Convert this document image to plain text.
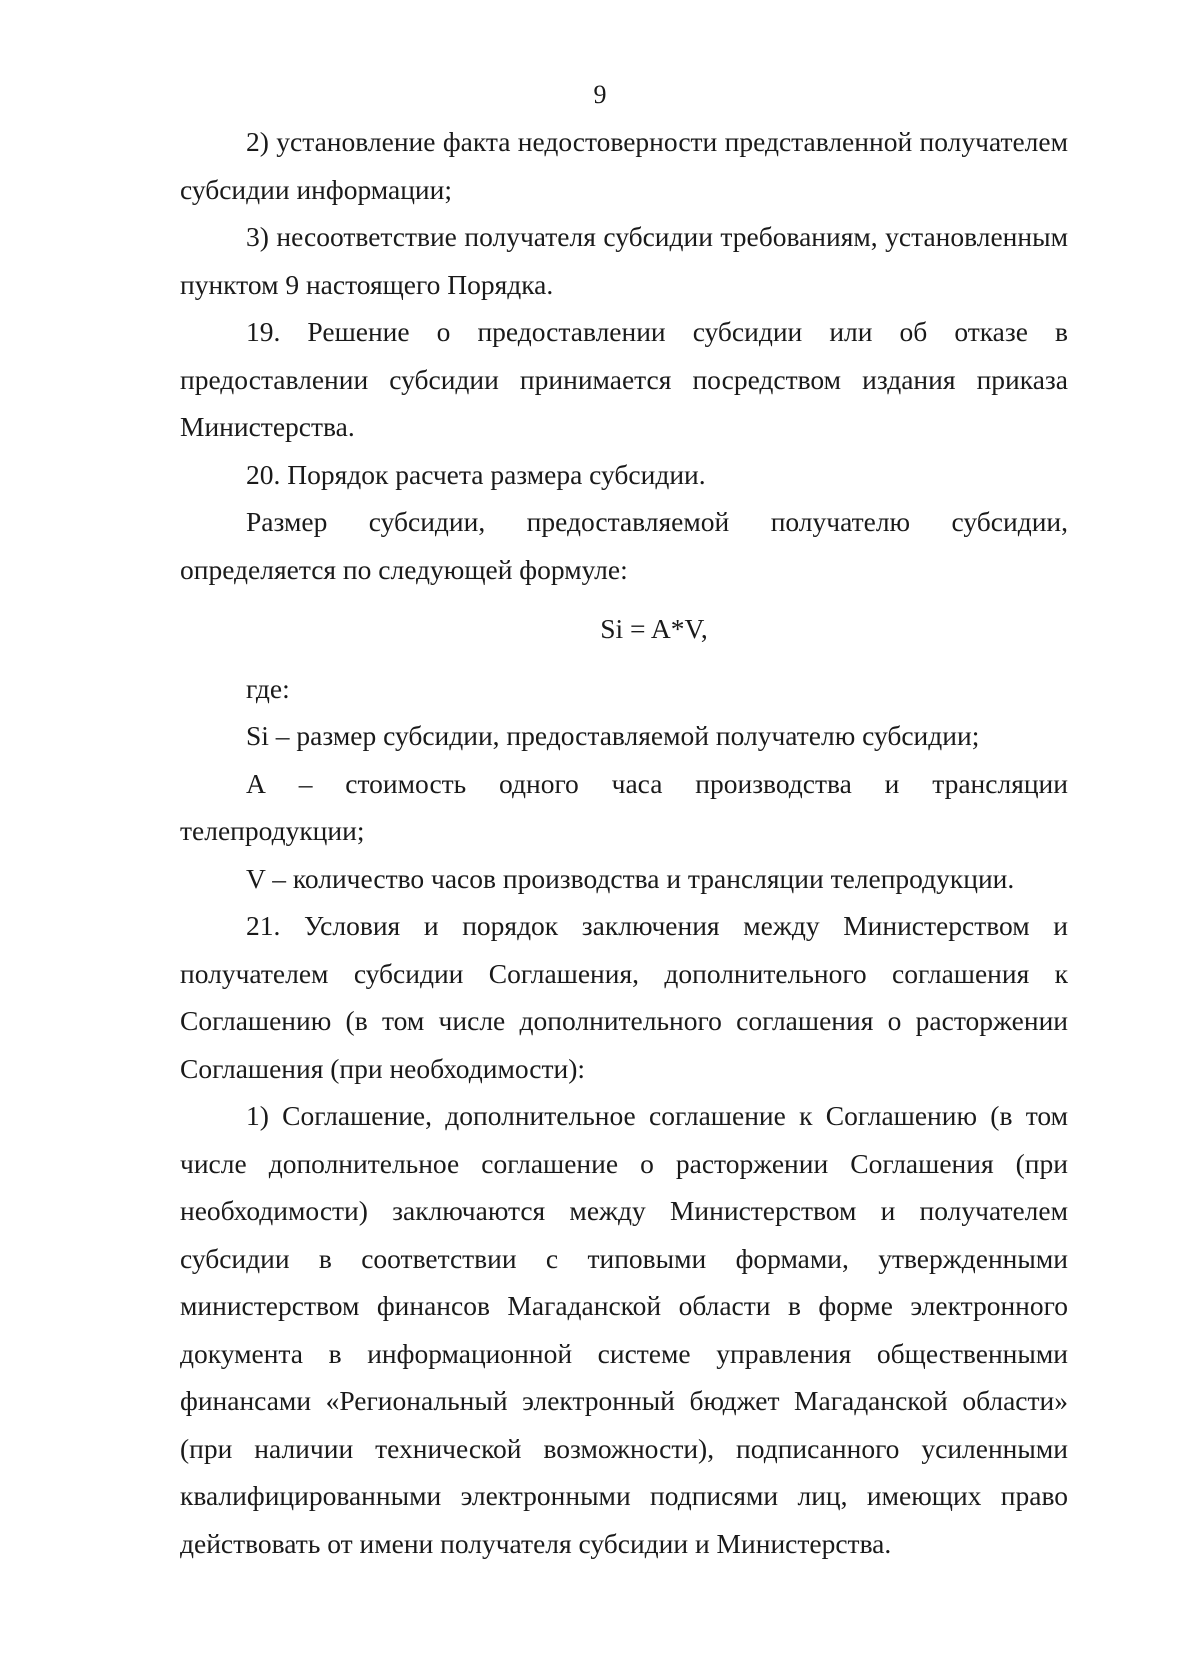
9

2) установление факта недостоверности представленной получателем субсидии информации;

3) несоответствие получателя субсидии требованиям, установленным пунктом 9 настоящего Порядка.

19. Решение о предоставлении субсидии или об отказе в предоставлении субсидии принимается посредством издания приказа Министерства.

20. Порядок расчета размера субсидии.

Размер субсидии, предоставляемой получателю субсидии, определяется по следующей формуле:

Si = A*V,

где:

Si – размер субсидии, предоставляемой получателю субсидии;

А – стоимость одного часа производства и трансляции телепродукции;

V – количество часов производства и трансляции телепродукции.

21. Условия и порядок заключения между Министерством и получателем субсидии Соглашения, дополнительного соглашения к Соглашению (в том числе дополнительного соглашения о расторжении Соглашения (при необходимости):

1) Соглашение, дополнительное соглашение к Соглашению (в том числе дополнительное соглашение о расторжении Соглашения (при необходимости) заключаются между Министерством и получателем субсидии в соответствии с типовыми формами, утвержденными министерством финансов Магаданской области в форме электронного документа в информационной системе управления общественными финансами «Региональный электронный бюджет Магаданской области» (при наличии технической возможности), подписанного усиленными квалифицированными электронными подписями лиц, имеющих право действовать от имени получателя субсидии и Министерства.
